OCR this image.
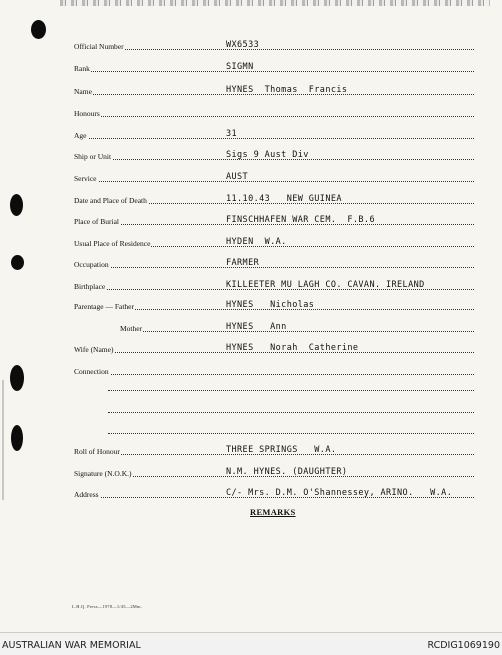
Official Number	WX6533
Rank	SIGMN
Name	HYNES  Thomas  Francis
Honours
Age	31
Ship or Unit	Sigs 9 Aust Div
Service	AUST
Date and Place of Death	11.10.43   NEW GUINEA
Place of Burial	FINSCHHAFEN WAR CEM.  F.B.6
Usual Place of Residence	HYDEN  W.A.
Occupation	FARMER
Birthplace	KILLEETER MU LAGH CO. CAVAN. IRELAND
Parentage — Father	HYNES   Nicholas
Mother	HYNES   Ann
Wife (Name)	HYNES   Norah  Catherine
Connection
Roll of Honour	THREE SPRINGS   W.A.
Signature (N.O.K.)	N.M. HYNES. (DAUGHTER)
Address	C/- Mrs. D.M. O'Shannessey, ARINO.   W.A.
REMARKS
L.H.Q. Press—1978—1/45—2Mm.
AUSTRALIAN WAR MEMORIAL	RCDIG1069190
